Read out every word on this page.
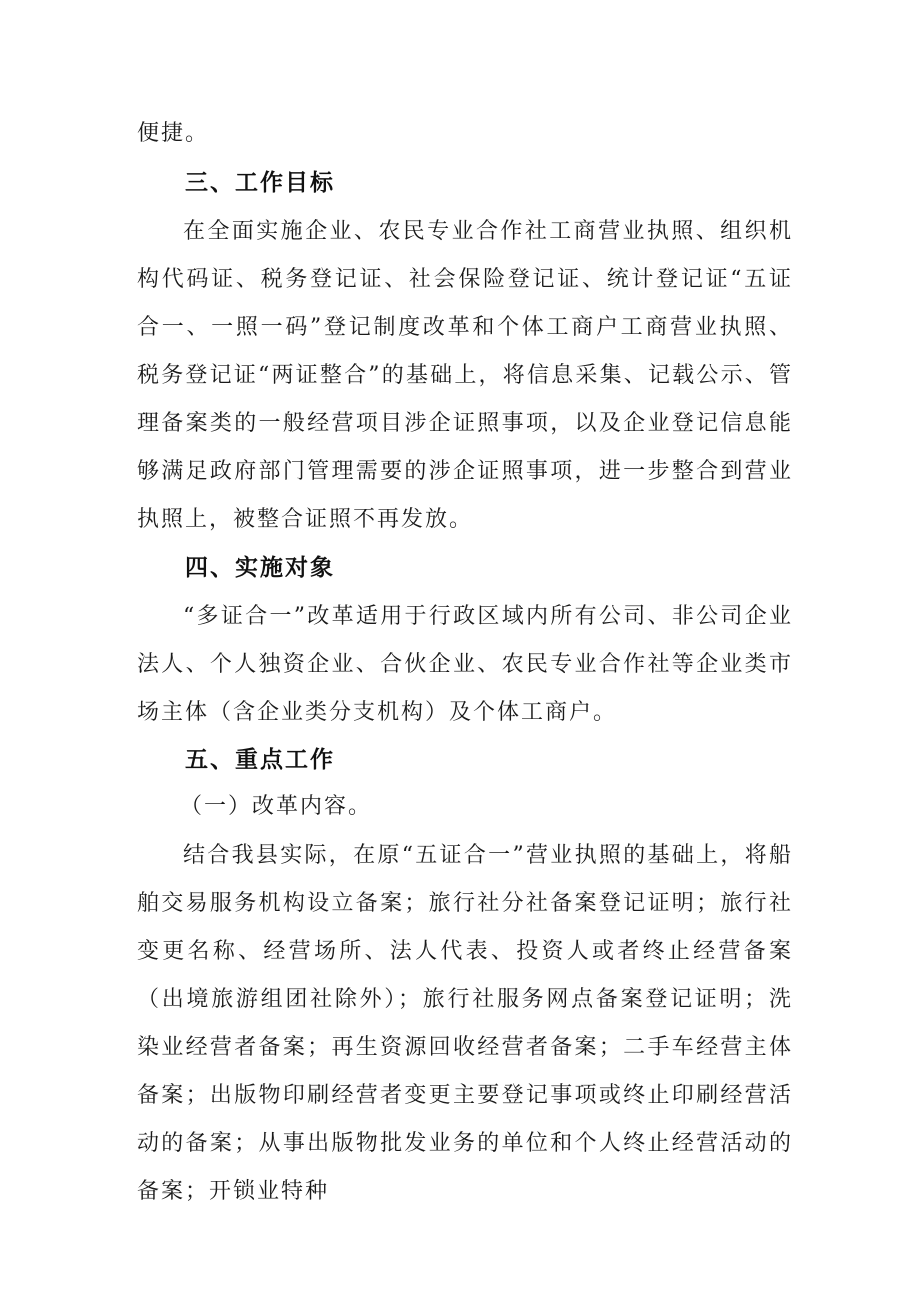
便捷。
三、工作目标
在全面实施企业、农民专业合作社工商营业执照、组织机构代码证、税务登记证、社会保险登记证、统计登记证“五证合一、一照一码”登记制度改革和个体工商户工商营业执照、税务登记证“两证整合”的基础上，将信息采集、记载公示、管理备案类的一般经营项目涉企证照事项，以及企业登记信息能够满足政府部门管理需要的涉企证照事项，进一步整合到营业执照上，被整合证照不再发放。
四、实施对象
“多证合一”改革适用于行政区域内所有公司、非公司企业法人、个人独资企业、合伙企业、农民专业合作社等企业类市场主体（含企业类分支机构）及个体工商户。
五、重点工作
（一）改革内容。
结合我县实际，在原“五证合一”营业执照的基础上，将船舶交易服务机构设立备案；旅行社分社备案登记证明；旅行社变更名称、经营场所、法人代表、投资人或者终止经营备案（出境旅游组团社除外）；旅行社服务网点备案登记证明；洗染业经营者备案；再生资源回收经营者备案；二手车经营主体备案；出版物印刷经营者变更主要登记事项或终止印刷经营活动的备案；从事出版物批发业务的单位和个人终止经营活动的备案；开锁业特种
